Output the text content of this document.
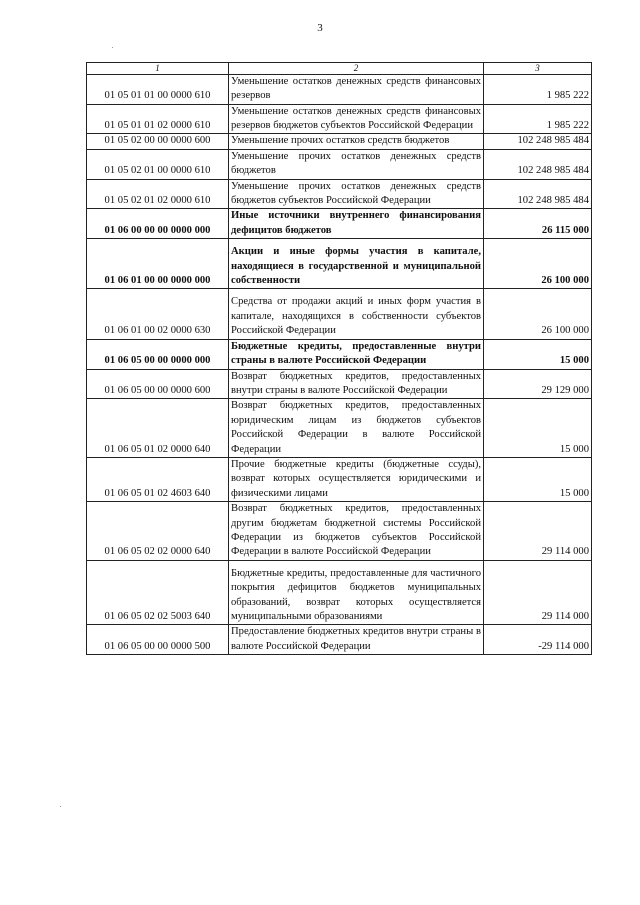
3
1	2	3
01 05 01 01 00 0000 610	Уменьшение остатков денежных средств финансовых резервов	1 985 222
01 05 01 01 02 0000 610	Уменьшение остатков денежных средств финансовых резервов бюджетов субъектов Российской Федерации	1 985 222
01 05 02 00 00 0000 600	Уменьшение прочих остатков средств бюджетов	102 248 985 484
01 05 02 01 00 0000 610	Уменьшение прочих остатков денежных средств бюджетов	102 248 985 484
01 05 02 01 02 0000 610	Уменьшение прочих остатков денежных средств бюджетов субъектов Российской Федерации	102 248 985 484
01 06 00 00 00 0000 000	Иные источники внутреннего финансирования дефицитов бюджетов	26 115 000
01 06 01 00 00 0000 000	Акции и иные формы участия в капитале, находящиеся в государственной и муниципальной собственности	26 100 000
01 06 01 00 02 0000 630	Средства от продажи акций и иных форм участия в капитале, находящихся в собственности субъектов Российской Федерации	26 100 000
01 06 05 00 00 0000 000	Бюджетные кредиты, предоставленные внутри страны в валюте Российской Федерации	15 000
01 06 05 00 00 0000 600	Возврат бюджетных кредитов, предоставленных внутри страны в валюте Российской Федерации	29 129 000
01 06 05 01 02 0000 640	Возврат бюджетных кредитов, предоставленных юридическим лицам из бюджетов субъектов Российской Федерации в валюте Российской Федерации	15 000
01 06 05 01 02 4603 640	Прочие бюджетные кредиты (бюджетные ссуды), возврат которых осуществляется юридическими и физическими лицами	15 000
01 06 05 02 02 0000 640	Возврат бюджетных кредитов, предоставленных другим бюджетам бюджетной системы Российской Федерации из бюджетов субъектов Российской Федерации в валюте Российской Федерации	29 114 000
01 06 05 02 02 5003 640	Бюджетные кредиты, предоставленные для частичного покрытия дефицитов бюджетов муниципальных образований, возврат которых осуществляется муниципальными образованиями	29 114 000
01 06 05 00 00 0000 500	Предоставление бюджетных кредитов внутри страны в валюте Российской Федерации	-29 114 000
